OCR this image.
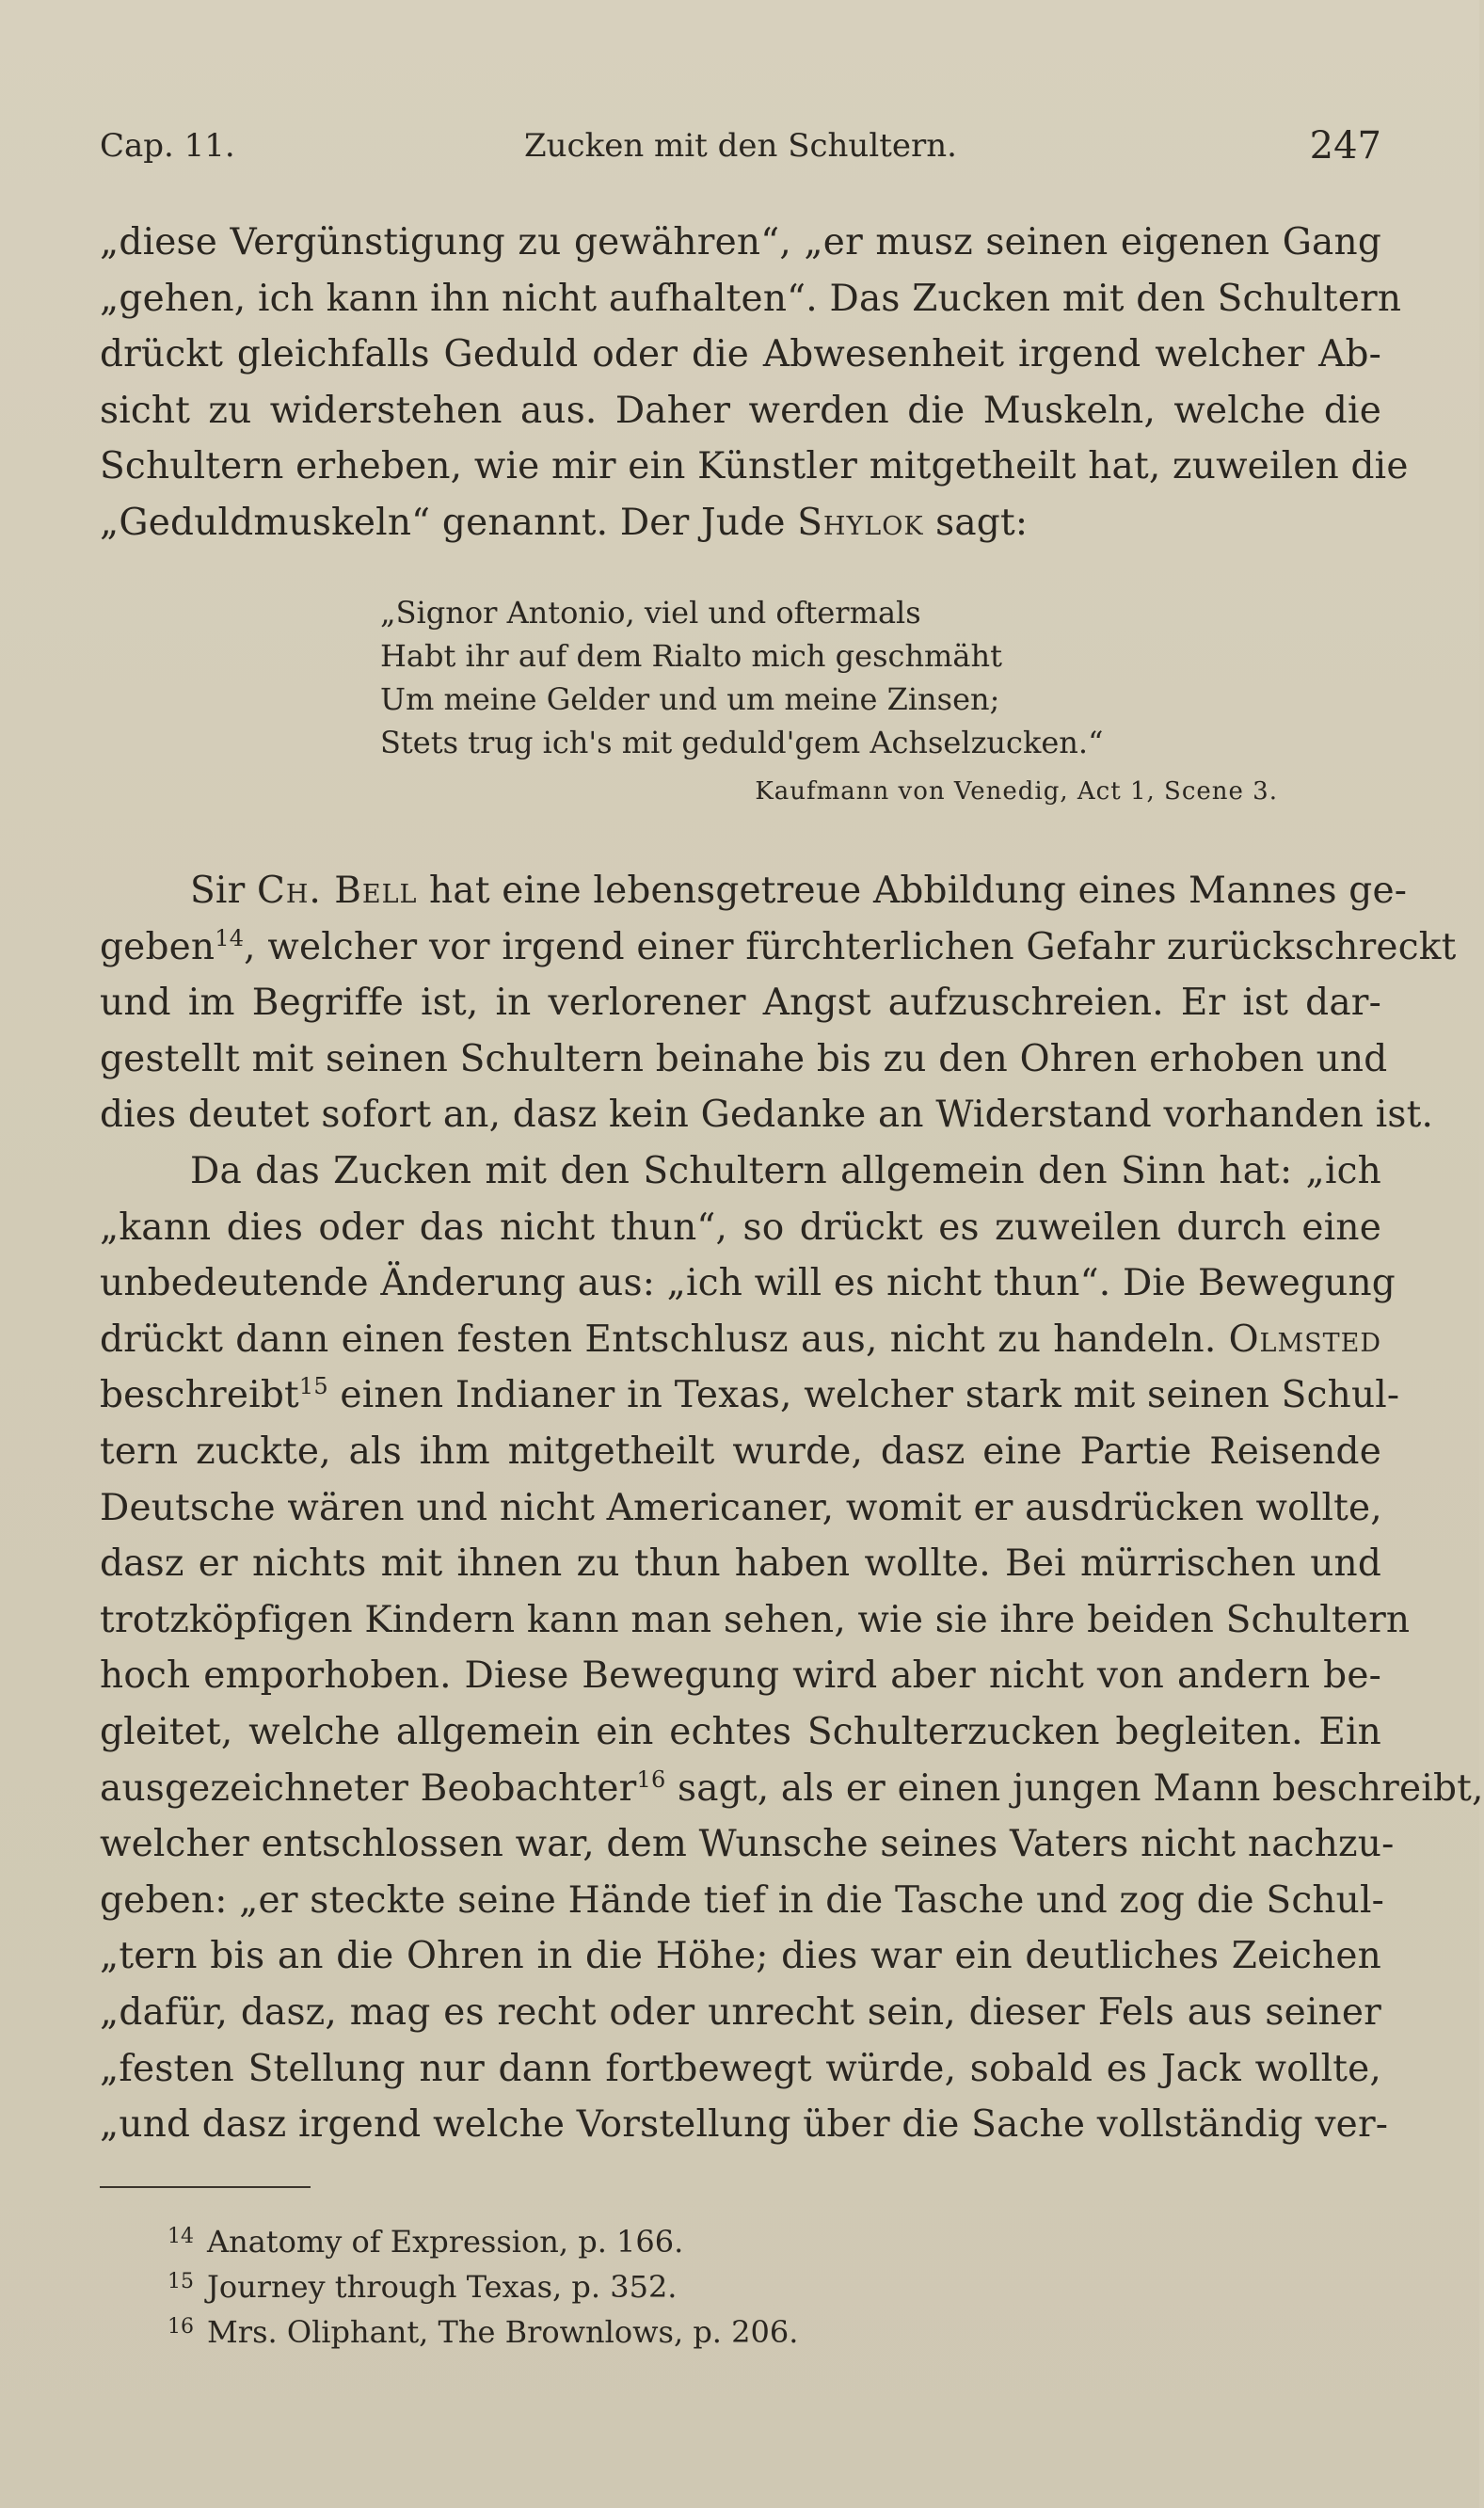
Cap. 11.	Zucken mit den Schultern.	247
„diese Vergünstigung zu gewähren“, „er musz seinen eigenen Gang
„gehen, ich kann ihn nicht aufhalten“. Das Zucken mit den Schultern
drückt gleichfalls Geduld oder die Abwesenheit irgend welcher Ab-
sicht zu widerstehen aus. Daher werden die Muskeln, welche die
Schultern erheben, wie mir ein Künstler mitgetheilt hat, zuweilen die
„Geduldmuskeln“ genannt. Der Jude Shylok sagt:
„Signor Antonio, viel und oftermals
Habt ihr auf dem Rialto mich geschmäht
Um meine Gelder und um meine Zinsen;
Stets trug ich's mit geduld'gem Achselzucken.“
Kaufmann von Venedig, Act 1, Scene 3.
Sir Ch. Bell hat eine lebensgetreue Abbildung eines Mannes ge-
geben$^{14}$, welcher vor irgend einer fürchterlichen Gefahr zurückschreckt
und im Begriffe ist, in verlorener Angst aufzuschreien. Er ist dar-
gestellt mit seinen Schultern beinahe bis zu den Ohren erhoben und
dies deutet sofort an, dasz kein Gedanke an Widerstand vorhanden ist.
Da das Zucken mit den Schultern allgemein den Sinn hat: „ich
„kann dies oder das nicht thun“, so drückt es zuweilen durch eine
unbedeutende Änderung aus: „ich will es nicht thun“. Die Bewegung
drückt dann einen festen Entschlusz aus, nicht zu handeln. Olmsted
beschreibt$^{15}$ einen Indianer in Texas, welcher stark mit seinen Schul-
tern zuckte, als ihm mitgetheilt wurde, dasz eine Partie Reisende
Deutsche wären und nicht Americaner, womit er ausdrücken wollte,
dasz er nichts mit ihnen zu thun haben wollte. Bei mürrischen und
trotzköpfigen Kindern kann man sehen, wie sie ihre beiden Schultern
hoch emporhoben. Diese Bewegung wird aber nicht von andern be-
gleitet, welche allgemein ein echtes Schulterzucken begleiten. Ein
ausgezeichneter Beobachter$^{16}$ sagt, als er einen jungen Mann beschreibt,
welcher entschlossen war, dem Wunsche seines Vaters nicht nachzu-
geben: „er steckte seine Hände tief in die Tasche und zog die Schul-
„tern bis an die Ohren in die Höhe; dies war ein deutliches Zeichen
„dafür, dasz, mag es recht oder unrecht sein, dieser Fels aus seiner
„festen Stellung nur dann fortbewegt würde, sobald es Jack wollte,
„und dasz irgend welche Vorstellung über die Sache vollständig ver-
$^{14}$ Anatomy of Expression, p. 166.
$^{15}$ Journey through Texas, p. 352.
$^{16}$ Mrs. Oliphant, The Brownlows, p. 206.
